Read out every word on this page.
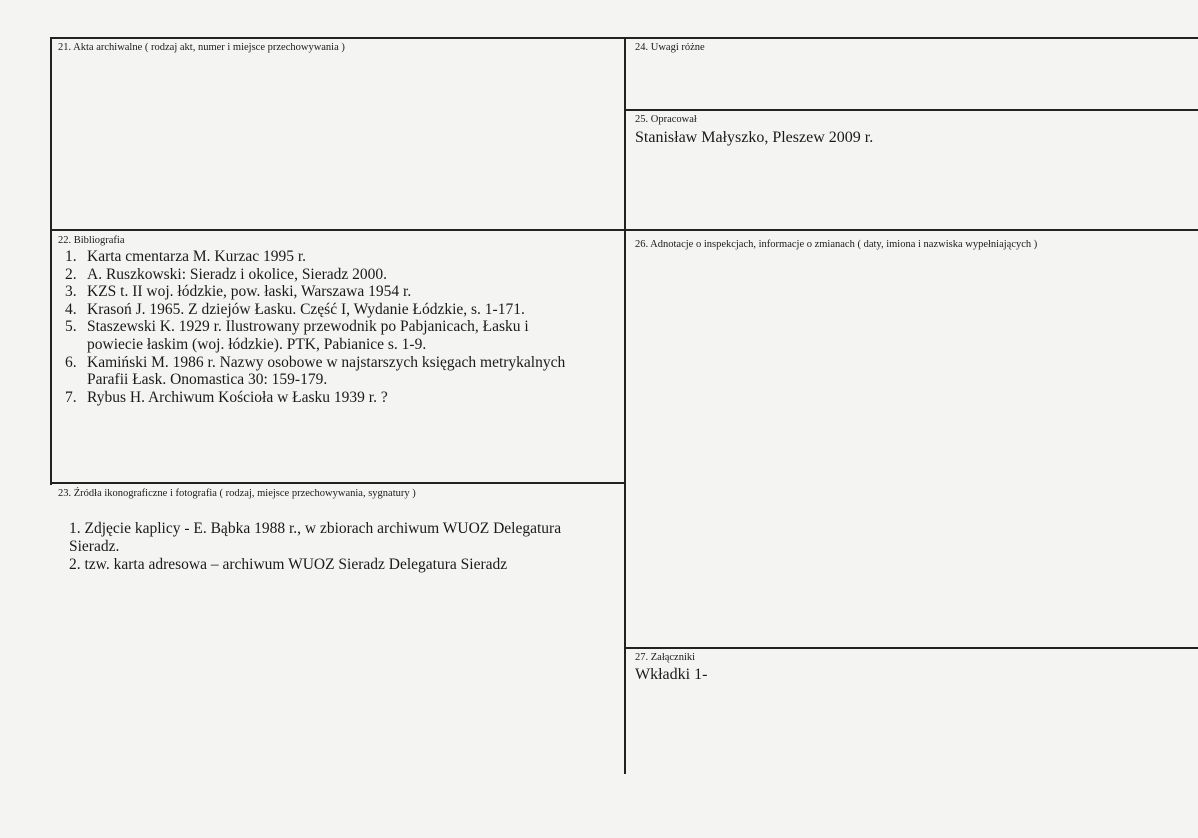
21. Akta archiwalne ( rodzaj akt, numer i miejsce przechowywania )
22. Bibliografia
1. Karta cmentarza M. Kurzac 1995 r.
2. A. Ruszkowski: Sieradz i okolice, Sieradz 2000.
3. KZS t. II woj. łódzkie, pow. łaski, Warszawa 1954 r.
4. Krasoń J. 1965. Z dziejów Łasku. Część I, Wydanie Łódzkie, s. 1-171.
5. Staszewski K. 1929 r. Ilustrowany przewodnik po Pabjanicach, Łasku i
powiecie łaskim (woj. łódzkie). PTK, Pabianice s. 1-9.
6. Kamiński M. 1986 r. Nazwy osobowe w najstarszych księgach metrykalnych
Parafii Łask. Onomastica 30: 159-179.
7. Rybus H. Archiwum Kościoła w Łasku 1939 r. ?
23. Źródła ikonograficzne i fotografia ( rodzaj, miejsce przechowywania, sygnatury )
1. Zdjęcie kaplicy - E. Bąbka 1988 r., w zbiorach archiwum WUOZ Delegatura
Sieradz.
2. tzw. karta adresowa – archiwum WUOZ Sieradz Delegatura Sieradz
24. Uwagi różne
25. Opracował
Stanisław Małyszko, Pleszew 2009 r.
26. Adnotacje o inspekcjach, informacje o zmianach ( daty, imiona i nazwiska wypełniających )
27. Załączniki
Wkładki 1-
